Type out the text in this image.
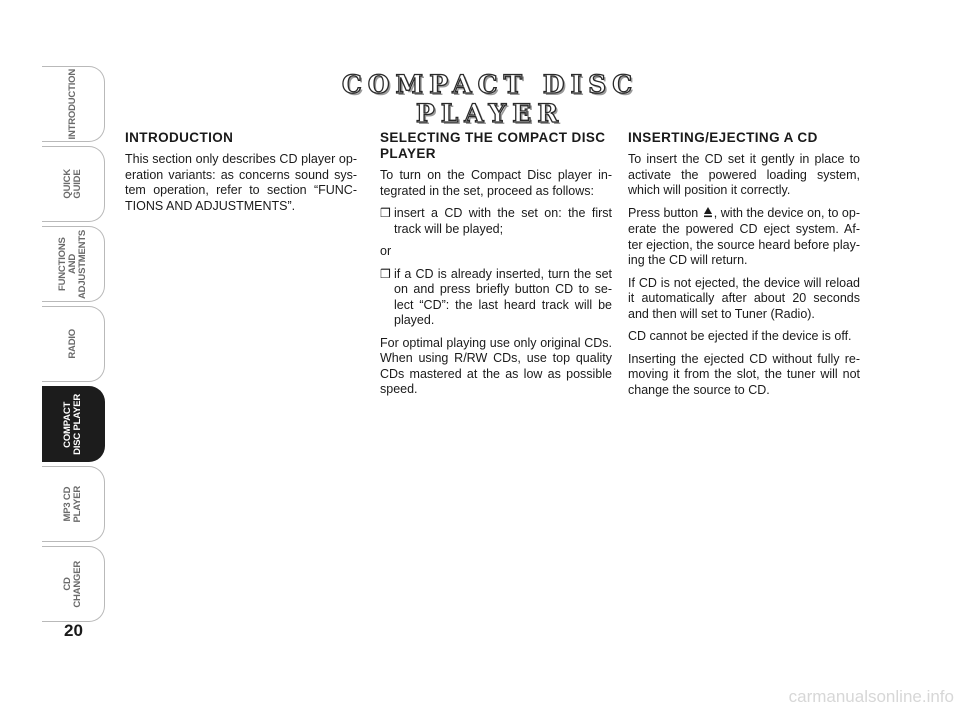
INTRODUCTION
QUICK
GUIDE
FUNCTIONS AND
ADJUSTMENTS
RADIO
COMPACT
DISC PLAYER
MP3 CD
PLAYER
CD
CHANGER
20
COMPACT DISC PLAYER
INTRODUCTION

This section only describes CD player op-eration variants: as concerns sound sys-tem operation, refer to section “FUNC-TIONS AND ADJUSTMENTS”.

SELECTING THE COMPACT DISC PLAYER

To turn on the Compact Disc player in-tegrated in the set, proceed as follows:

❒ insert a CD with the set on: the first track will be played;

or

❒ if a CD is already inserted, turn the set on and press briefly button CD to se-lect “CD”: the last heard track will be played.

For optimal playing use only original CDs. When using R/RW CDs, use top quality CDs mastered at the as low as possible speed.

INSERTING/EJECTING A CD

To insert the CD set it gently in place to activate the powered loading system, which will position it correctly.

Press button , with the device on, to op-erate the powered CD eject system. Af-ter ejection, the source heard before play-ing the CD will return.

If CD is not ejected, the device will reload it automatically after about 20 seconds and then will set to Tuner (Radio).

CD cannot be ejected if the device is off.

Inserting the ejected CD without fully re-moving it from the slot, the tuner will not change the source to CD.

carmanualsonline.info
